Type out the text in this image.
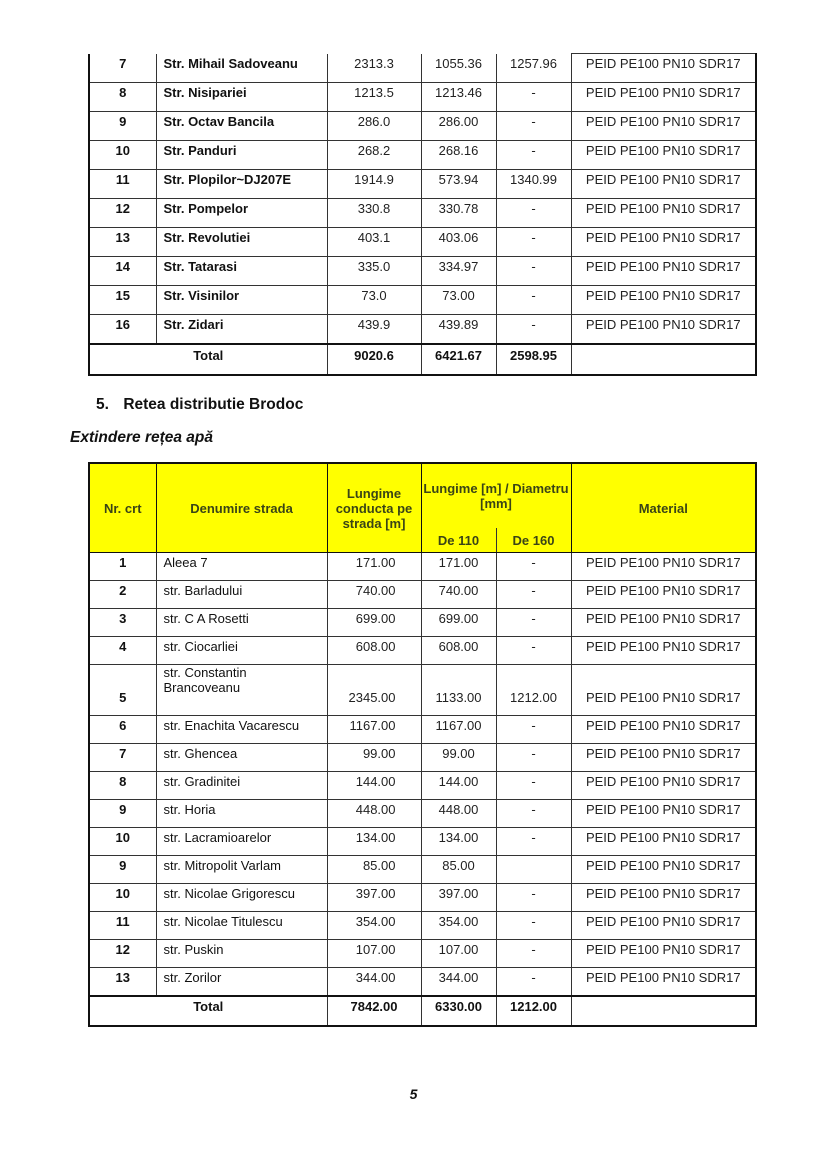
7	Str. Mihail Sadoveanu	2313.3	1055.36	1257.96	PEID PE100 PN10 SDR17
8	Str. Nisipariei	1213.5	1213.46	-	PEID PE100 PN10 SDR17
9	Str. Octav Bancila	286.0	286.00	-	PEID PE100 PN10 SDR17
10	Str. Panduri	268.2	268.16	-	PEID PE100 PN10 SDR17
11	Str. Plopilor~DJ207E	1914.9	573.94	1340.99	PEID PE100 PN10 SDR17
12	Str. Pompelor	330.8	330.78	-	PEID PE100 PN10 SDR17
13	Str. Revolutiei	403.1	403.06	-	PEID PE100 PN10 SDR17
14	Str. Tatarasi	335.0	334.97	-	PEID PE100 PN10 SDR17
15	Str. Visinilor	73.0	73.00	-	PEID PE100 PN10 SDR17
16	Str. Zidari	439.9	439.89	-	PEID PE100 PN10 SDR17
Total		9020.6	6421.67	2598.95	
5. Retea distributie Brodoc
Extindere rețea apă
Nr. crt	Denumire strada	Lungime conducta pe strada [m]	Lungime [m] / Diametru [mm]		Material
			De 110	De 160	
1	Aleea 7	171.00	171.00	-	PEID PE100 PN10 SDR17
2	str. Barladului	740.00	740.00	-	PEID PE100 PN10 SDR17
3	str. C A Rosetti	699.00	699.00	-	PEID PE100 PN10 SDR17
4	str. Ciocarliei	608.00	608.00	-	PEID PE100 PN10 SDR17
5	str. Constantin Brancoveanu	2345.00	1133.00	1212.00	PEID PE100 PN10 SDR17
6	str. Enachita Vacarescu	1167.00	1167.00	-	PEID PE100 PN10 SDR17
7	str. Ghencea	99.00	99.00	-	PEID PE100 PN10 SDR17
8	str. Gradinitei	144.00	144.00	-	PEID PE100 PN10 SDR17
9	str. Horia	448.00	448.00	-	PEID PE100 PN10 SDR17
10	str. Lacramioarelor	134.00	134.00	-	PEID PE100 PN10 SDR17
9	str. Mitropolit Varlam	85.00	85.00		PEID PE100 PN10 SDR17
10	str. Nicolae Grigorescu	397.00	397.00	-	PEID PE100 PN10 SDR17
11	str. Nicolae Titulescu	354.00	354.00	-	PEID PE100 PN10 SDR17
12	str. Puskin	107.00	107.00	-	PEID PE100 PN10 SDR17
13	str. Zorilor	344.00	344.00	-	PEID PE100 PN10 SDR17
Total		7842.00	6330.00	1212.00	
5
